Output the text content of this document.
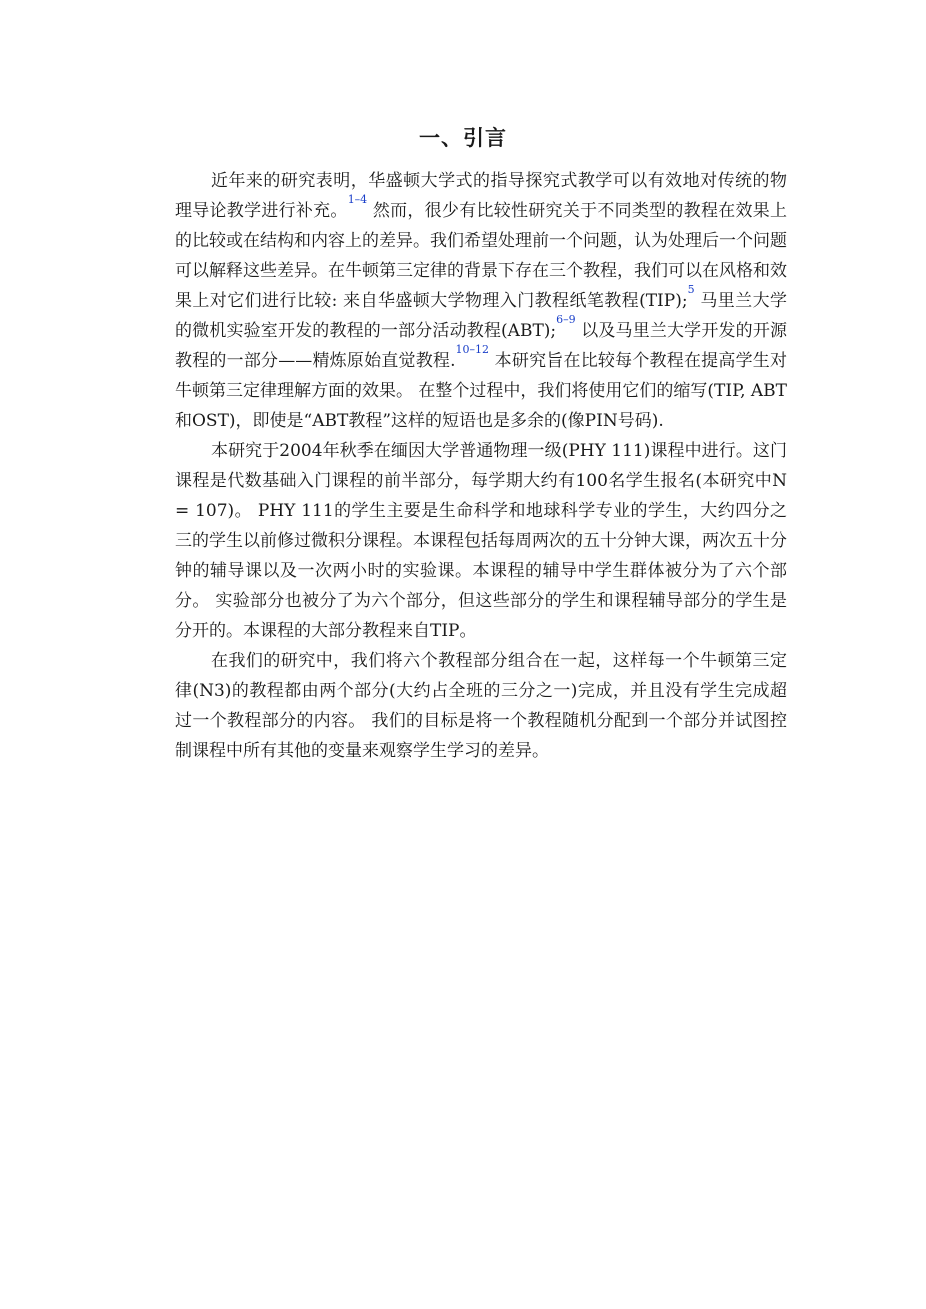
一、引言

近年来的研究表明，华盛顿大学式的指导探究式教学可以有效地对传统的物理导论教学进行补充。$^{1-4}$ 然而，很少有比较性研究关于不同类型的教程在效果上的比较或在结构和内容上的差异。我们希望处理前一个问题，认为处理后一个问题可以解释这些差异。在牛顿第三定律的背景下存在三个教程，我们可以在风格和效果上对它们进行比较: 来自华盛顿大学物理入门教程纸笔教程(TIP);$^5$ 马里兰大学的微机实验室开发的教程的一部分活动教程(ABT);$^{6-9}$ 以及马里兰大学开发的开源教程的一部分——精炼原始直觉教程.$^{10-12}$ 本研究旨在比较每个教程在提高学生对牛顿第三定律理解方面的效果。 在整个过程中，我们将使用它们的缩写(TIP, ABT和OST)，即使是“ABT教程”这样的短语也是多余的(像PIN号码).

本研究于2004年秋季在缅因大学普通物理一级(PHY 111)课程中进行。这门课程是代数基础入门课程的前半部分，每学期大约有100名学生报名(本研究中N = 107)。 PHY 111的学生主要是生命科学和地球科学专业的学生，大约四分之三的学生以前修过微积分课程。本课程包括每周两次的五十分钟大课，两次五十分钟的辅导课以及一次两小时的实验课。本课程的辅导中学生群体被分为了六个部分。 实验部分也被分了为六个部分，但这些部分的学生和课程辅导部分的学生是分开的。本课程的大部分教程来自TIP。

在我们的研究中，我们将六个教程部分组合在一起，这样每一个牛顿第三定律(N3)的教程都由两个部分(大约占全班的三分之一)完成，并且没有学生完成超过一个教程部分的内容。 我们的目标是将一个教程随机分配到一个部分并试图控制课程中所有其他的变量来观察学生学习的差异。
